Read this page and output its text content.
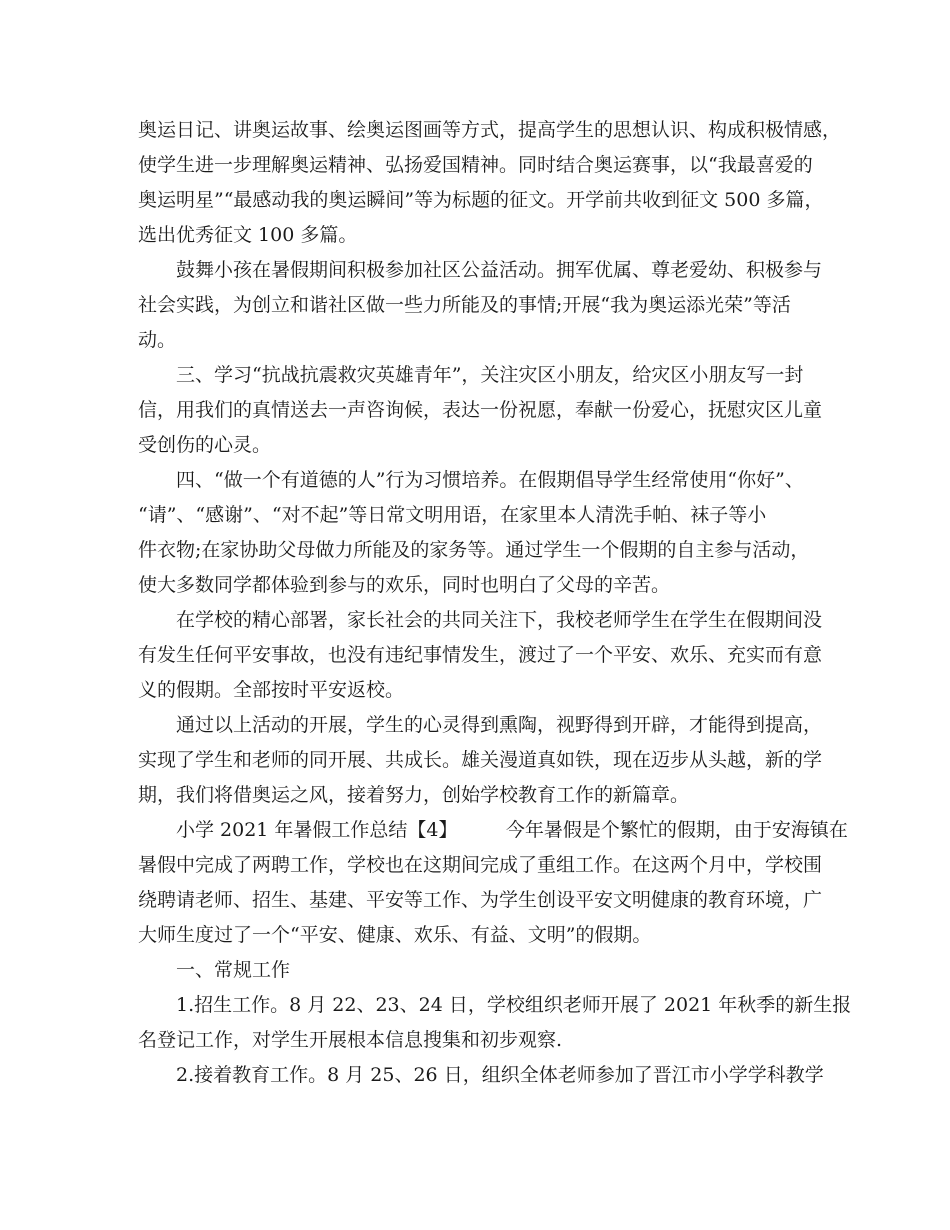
奥运日记、讲奥运故事、绘奥运图画等方式，提高学生的思想认识、构成积极情感，
使学生进一步理解奥运精神、弘扬爱国精神。同时结合奥运赛事，以“我最喜爱的
奥运明星”“最感动我的奥运瞬间”等为标题的征文。开学前共收到征文 500 多篇，
选出优秀征文 100 多篇。
鼓舞小孩在暑假期间积极参加社区公益活动。拥军优属、尊老爱幼、积极参与
社会实践，为创立和谐社区做一些力所能及的事情;开展“我为奥运添光荣”等活
动。
三、学习“抗战抗震救灾英雄青年”，关注灾区小朋友，给灾区小朋友写一封
信，用我们的真情送去一声咨询候，表达一份祝愿，奉献一份爱心，抚慰灾区儿童
受创伤的心灵。
四、“做一个有道德的人”行为习惯培养。在假期倡导学生经常使用“你好”、
“请”、“感谢”、“对不起”等日常文明用语，在家里本人清洗手帕、袜子等小
件衣物;在家协助父母做力所能及的家务等。通过学生一个假期的自主参与活动，
使大多数同学都体验到参与的欢乐，同时也明白了父母的辛苦。
在学校的精心部署，家长社会的共同关注下，我校老师学生在学生在假期间没
有发生任何平安事故，也没有违纪事情发生，渡过了一个平安、欢乐、充实而有意
义的假期。全部按时平安返校。
通过以上活动的开展，学生的心灵得到熏陶，视野得到开辟，才能得到提高，
实现了学生和老师的同开展、共成长。雄关漫道真如铁，现在迈步从头越，新的学
期，我们将借奥运之风，接着努力，创始学校教育工作的新篇章。
小学 2021 年暑假工作总结【4】        今年暑假是个繁忙的假期，由于安海镇在
暑假中完成了两聘工作，学校也在这期间完成了重组工作。在这两个月中，学校围
绕聘请老师、招生、基建、平安等工作、为学生创设平安文明健康的教育环境，广
大师生度过了一个“平安、健康、欢乐、有益、文明”的假期。
一、常规工作
1.招生工作。8 月 22、23、24 日，学校组织老师开展了 2021 年秋季的新生报
名登记工作，对学生开展根本信息搜集和初步观察.
2.接着教育工作。8 月 25、26 日，组织全体老师参加了晋江市小学学科教学
